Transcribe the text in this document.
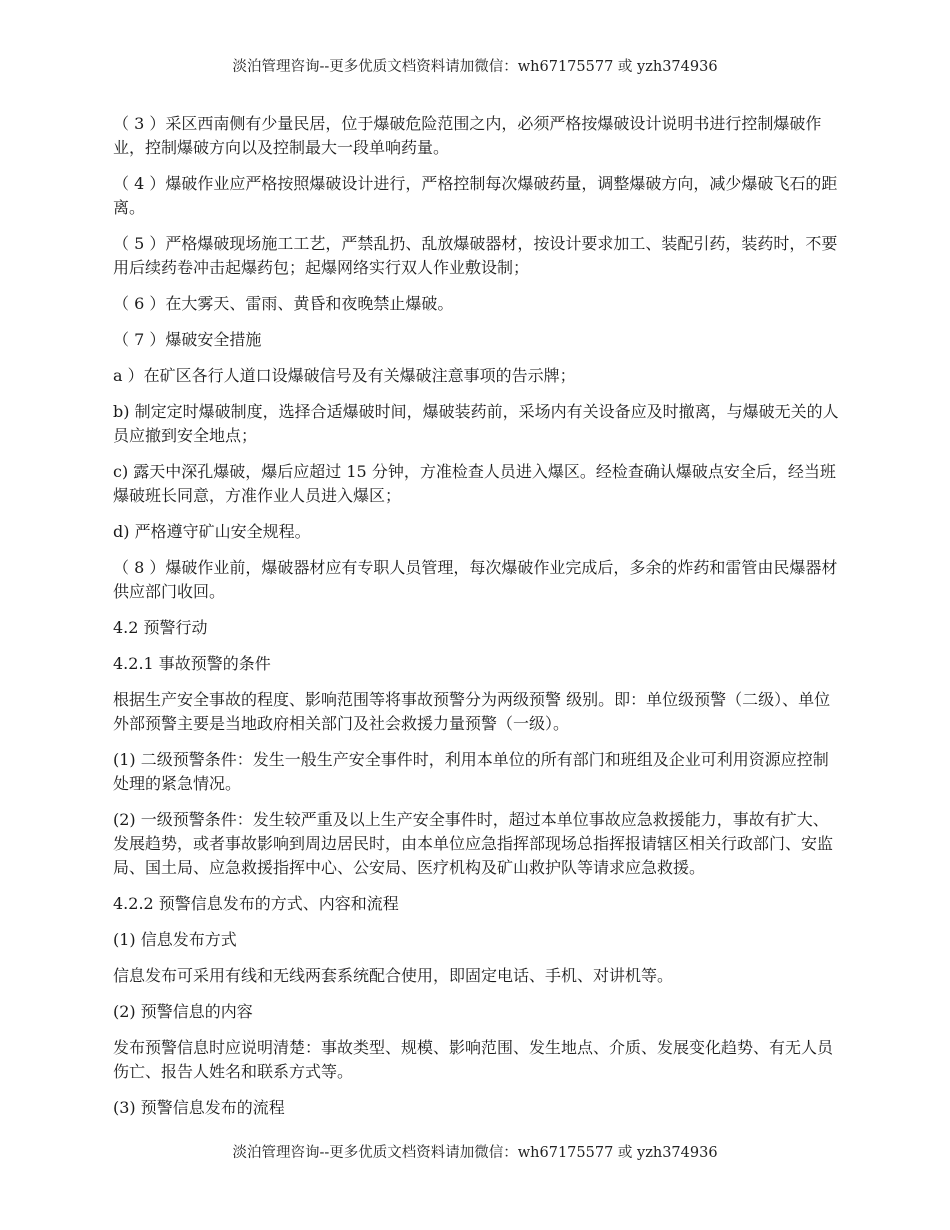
淡泊管理咨询--更多优质文档资料请加微信：wh67175577 或 yzh374936

（ 3 ）采区西南侧有少量民居，位于爆破危险范围之内，必须严格按爆破设计说明书进行控制爆破作业，控制爆破方向以及控制最大一段单响药量。

（ 4 ）爆破作业应严格按照爆破设计进行，严格控制每次爆破药量，调整爆破方向，减少爆破飞石的距离。

（ 5 ）严格爆破现场施工工艺，严禁乱扔、乱放爆破器材，按设计要求加工、装配引药，装药时，不要用后续药卷冲击起爆药包；起爆网络实行双人作业敷设制；

（ 6 ）在大雾天、雷雨、黄昏和夜晚禁止爆破。

（ 7 ）爆破安全措施

a ）在矿区各行人道口设爆破信号及有关爆破注意事项的告示牌；

b) 制定定时爆破制度，选择合适爆破时间，爆破装药前，采场内有关设备应及时撤离，与爆破无关的人员应撤到安全地点；

c) 露天中深孔爆破，爆后应超过 15 分钟，方准检查人员进入爆区。经检查确认爆破点安全后，经当班爆破班长同意，方准作业人员进入爆区；

d) 严格遵守矿山安全规程。

（ 8 ）爆破作业前，爆破器材应有专职人员管理，每次爆破作业完成后，多余的炸药和雷管由民爆器材供应部门收回。

4.2 预警行动

4.2.1 事故预警的条件

根据生产安全事故的程度、影响范围等将事故预警分为两级预警 级别。即：单位级预警（二级）、单位外部预警主要是当地政府相关部门及社会救援力量预警（一级）。

(1) 二级预警条件：发生一般生产安全事件时，利用本单位的所有部门和班组及企业可利用资源应控制处理的紧急情况。

(2) 一级预警条件：发生较严重及以上生产安全事件时，超过本单位事故应急救援能力，事故有扩大、发展趋势，或者事故影响到周边居民时，由本单位应急指挥部现场总指挥报请辖区相关行政部门、安监局、国土局、应急救援指挥中心、公安局、医疗机构及矿山救护队等请求应急救援。

4.2.2 预警信息发布的方式、内容和流程

(1) 信息发布方式

信息发布可采用有线和无线两套系统配合使用，即固定电话、手机、对讲机等。

(2) 预警信息的内容

发布预警信息时应说明清楚：事故类型、规模、影响范围、发生地点、介质、发展变化趋势、有无人员伤亡、报告人姓名和联系方式等。

(3) 预警信息发布的流程

淡泊管理咨询--更多优质文档资料请加微信：wh67175577 或 yzh374936
